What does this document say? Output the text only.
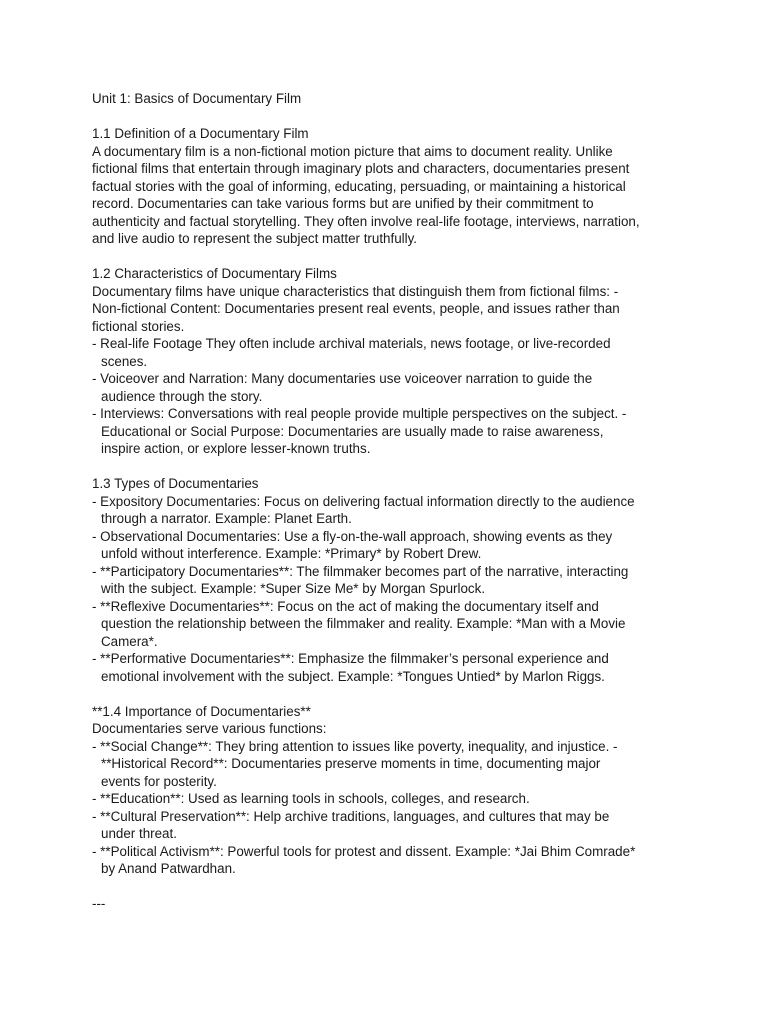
Unit 1: Basics of Documentary Film
1.1 Definition of a Documentary Film
A documentary film is a non-fictional motion picture that aims to document reality. Unlike
fictional films that entertain through imaginary plots and characters, documentaries present
factual stories with the goal of informing, educating, persuading, or maintaining a historical
record. Documentaries can take various forms but are unified by their commitment to
authenticity and factual storytelling. They often involve real-life footage, interviews, narration,
and live audio to represent the subject matter truthfully.
1.2 Characteristics of Documentary Films
Documentary films have unique characteristics that distinguish them from fictional films: -
Non-fictional Content: Documentaries present real events, people, and issues rather than
fictional stories.
- Real-life Footage They often include archival materials, news footage, or live-recorded
scenes.
- Voiceover and Narration: Many documentaries use voiceover narration to guide the
audience through the story.
- Interviews: Conversations with real people provide multiple perspectives on the subject. -
Educational or Social Purpose: Documentaries are usually made to raise awareness,
inspire action, or explore lesser-known truths.
1.3 Types of Documentaries
- Expository Documentaries: Focus on delivering factual information directly to the audience
through a narrator. Example: Planet Earth.
- Observational Documentaries: Use a fly-on-the-wall approach, showing events as they
unfold without interference. Example: *Primary* by Robert Drew.
- **Participatory Documentaries**: The filmmaker becomes part of the narrative, interacting
with the subject. Example: *Super Size Me* by Morgan Spurlock.
- **Reflexive Documentaries**: Focus on the act of making the documentary itself and
question the relationship between the filmmaker and reality. Example: *Man with a Movie
Camera*.
- **Performative Documentaries**: Emphasize the filmmaker’s personal experience and
emotional involvement with the subject. Example: *Tongues Untied* by Marlon Riggs.
**1.4 Importance of Documentaries**
Documentaries serve various functions:
- **Social Change**: They bring attention to issues like poverty, inequality, and injustice. -
**Historical Record**: Documentaries preserve moments in time, documenting major
events for posterity.
- **Education**: Used as learning tools in schools, colleges, and research.
- **Cultural Preservation**: Help archive traditions, languages, and cultures that may be
under threat.
- **Political Activism**: Powerful tools for protest and dissent. Example: *Jai Bhim Comrade*
by Anand Patwardhan.
---
